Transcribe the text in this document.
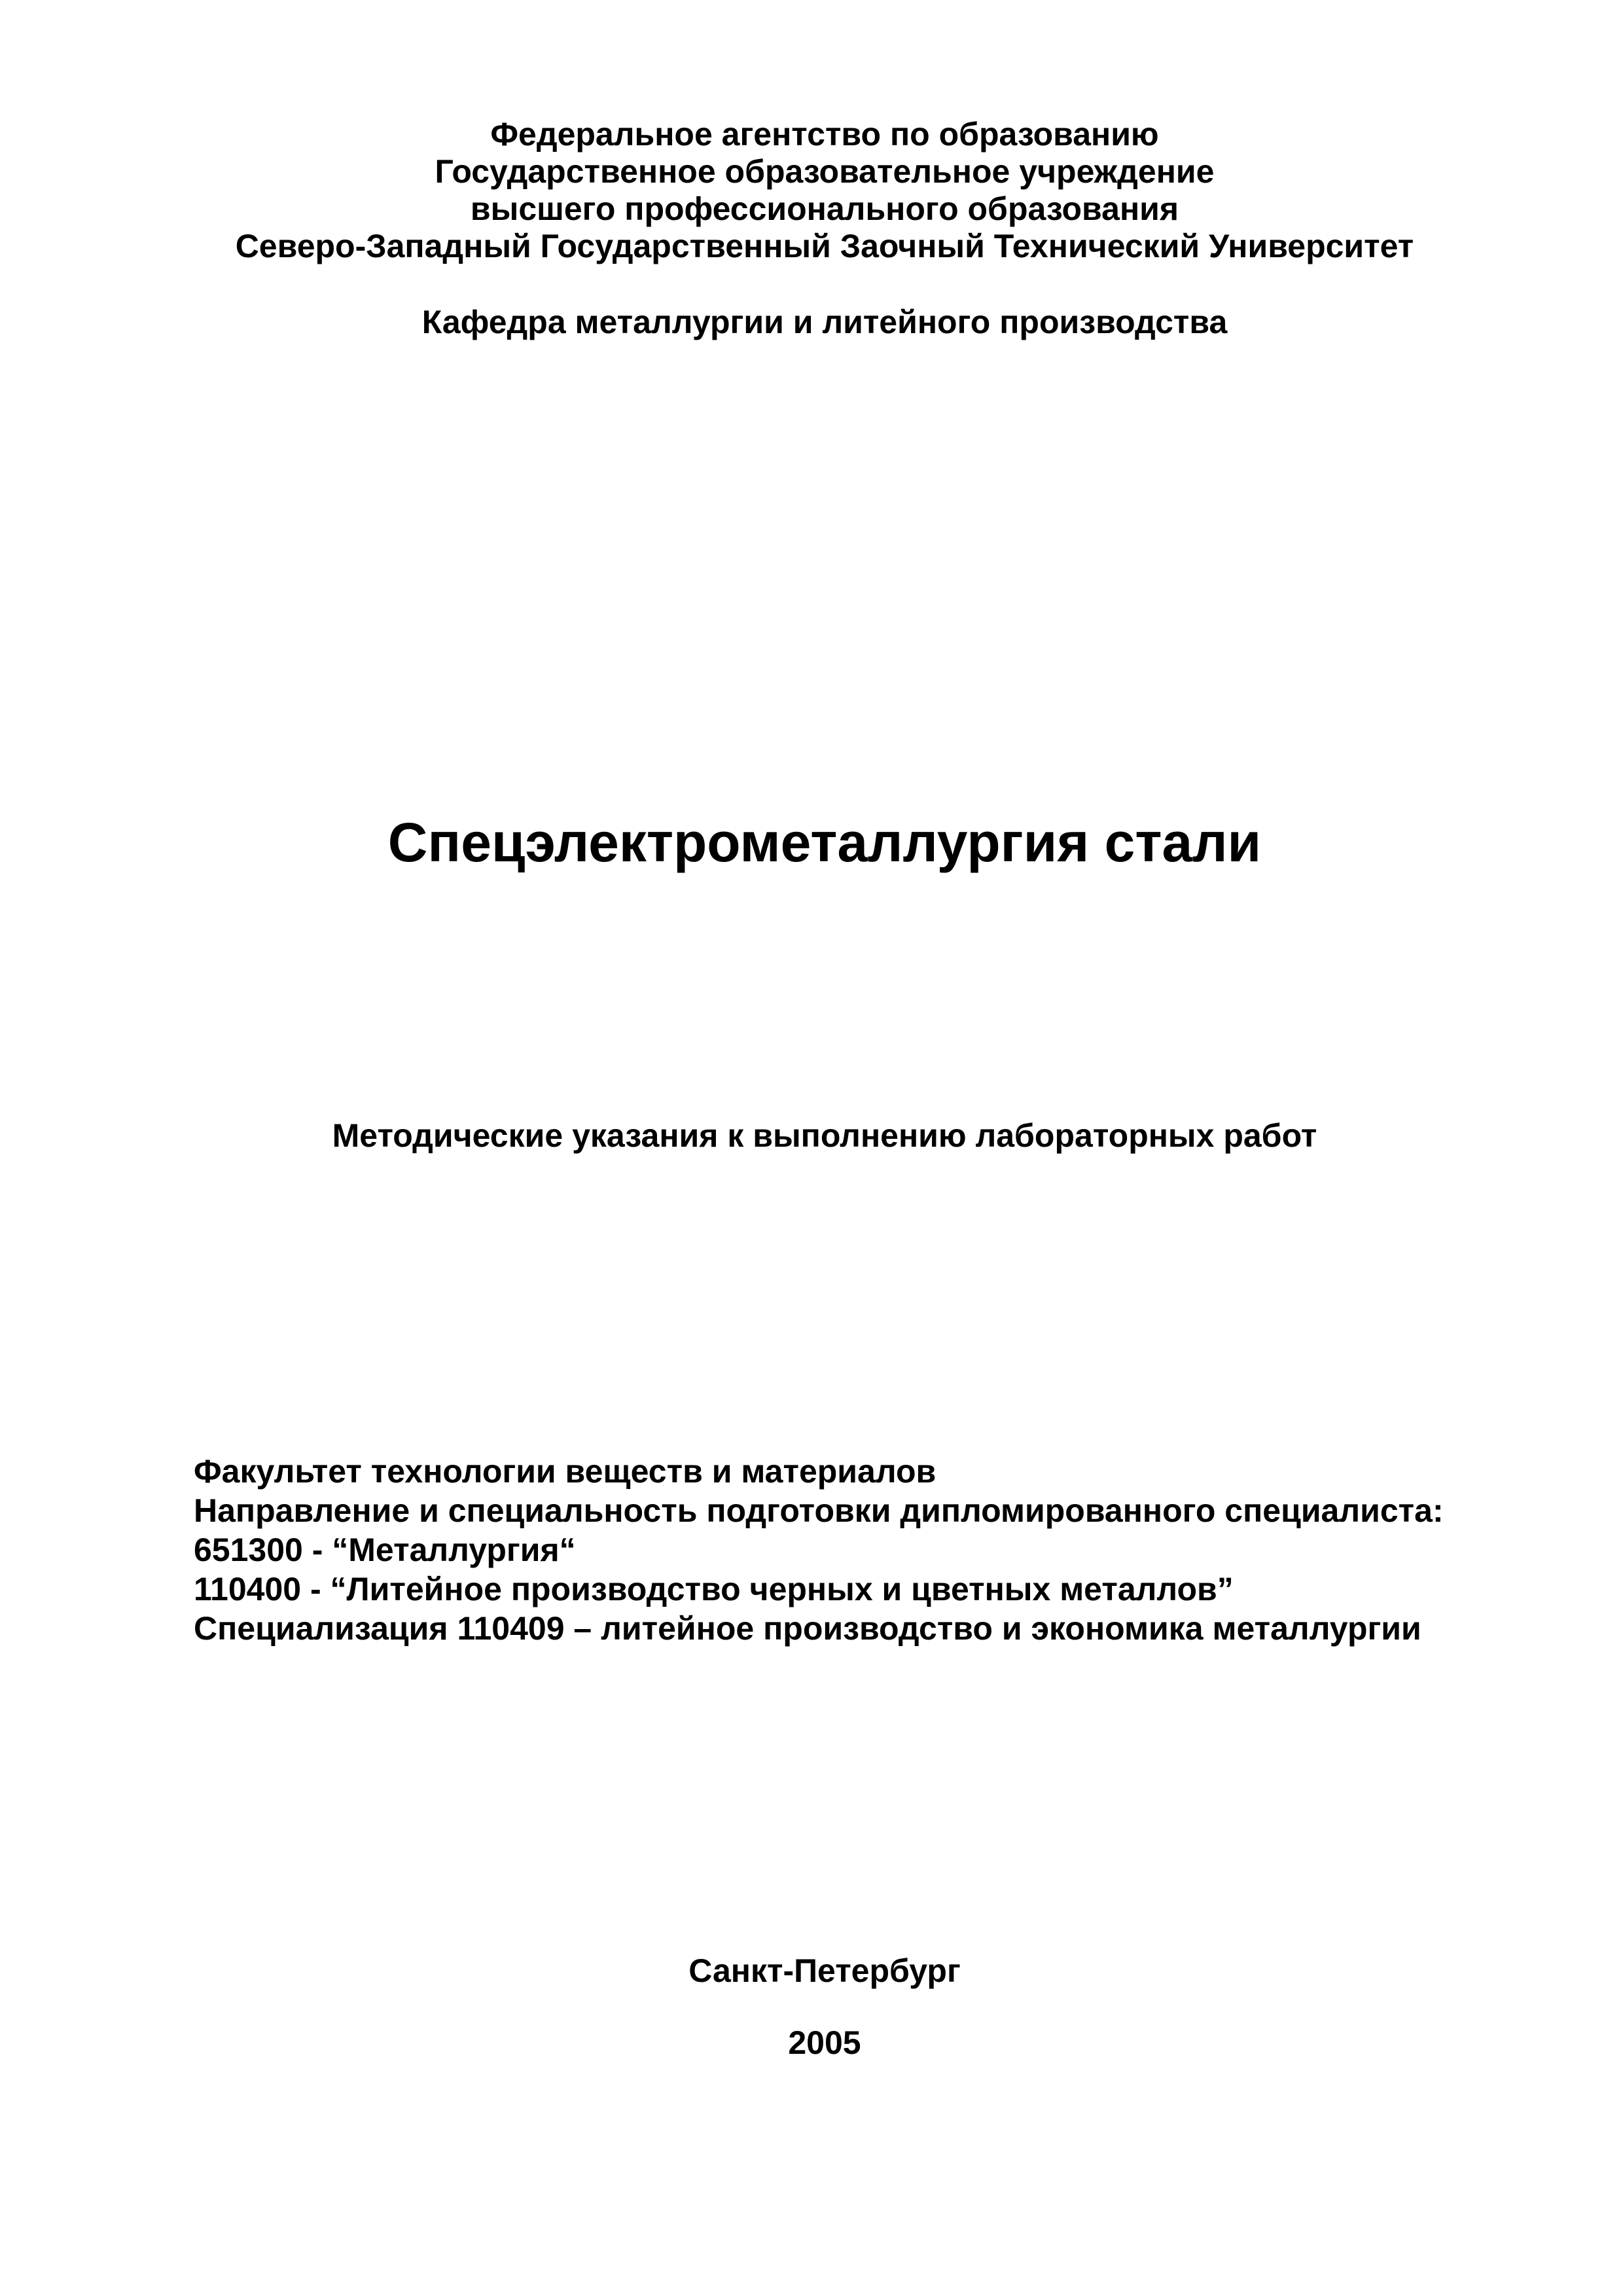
Федеральное агентство по образованию
Государственное образовательное учреждение
высшего профессионального образования
Северо-Западный Государственный Заочный Технический Университет
Кафедра металлургии и литейного производства
Спецэлектрометаллургия стали
Методические указания к выполнению лабораторных работ
Факультет технологии веществ и материалов
Направление и специальность подготовки дипломированного специалиста:
651300 - “Металлургия“
110400 - “Литейное производство черных и цветных металлов”
Специализация 110409 – литейное производство и экономика металлургии
Санкт-Петербург
2005
